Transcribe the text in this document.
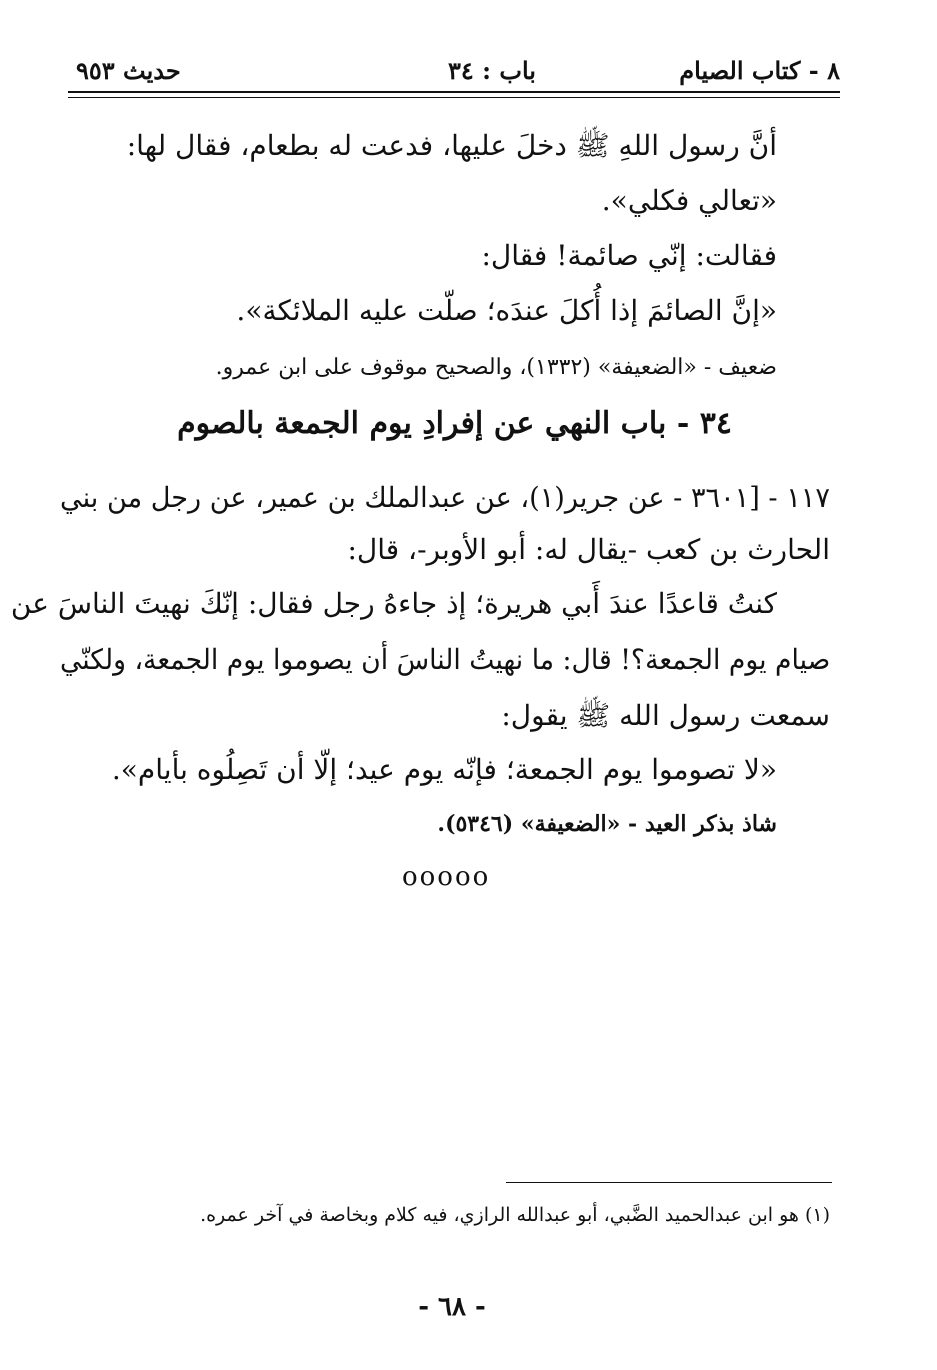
٨ - كتاب الصيام
باب : ٣٤
حديث ٩٥٣
أنَّ رسول اللهِ ﷺ دخلَ عليها، فدعت له بطعام، فقال لها:
«تعالي فكلي».
فقالت: إنّي صائمة! فقال:
«إنَّ الصائمَ إذا أُكلَ عندَه؛ صلّت عليه الملائكة».
ضعيف - «الضعيفة» (١٣٣٢)، والصحيح موقوف على ابن عمرو.
٣٤ - باب النهي عن إفرادِ يوم الجمعة بالصوم
١١٧ - [٣٦٠١ - عن جرير(١)، عن عبدالملك بن عمير، عن رجل من بني
الحارث بن كعب -يقال له: أبو الأوبر-، قال:
كنتُ قاعدًا عندَ أَبي هريرة؛ إذ جاءهُ رجل فقال: إنّكَ نهيتَ الناسَ عن
صيام يوم الجمعة؟! قال: ما نهيتُ الناسَ أن يصوموا يوم الجمعة، ولكنّي
سمعت رسول الله ﷺ يقول:
«لا تصوموا يوم الجمعة؛ فإنّه يوم عيد؛ إلّا أن تَصِلُوه بأيام».
شاذ بذكر العيد - «الضعيفة» (٥٣٤٦).
ooooo
(١) هو ابن عبدالحميد الضَّبي، أبو عبدالله الرازي، فيه كلام وبخاصة في آخر عمره.
- ٦٨ -
